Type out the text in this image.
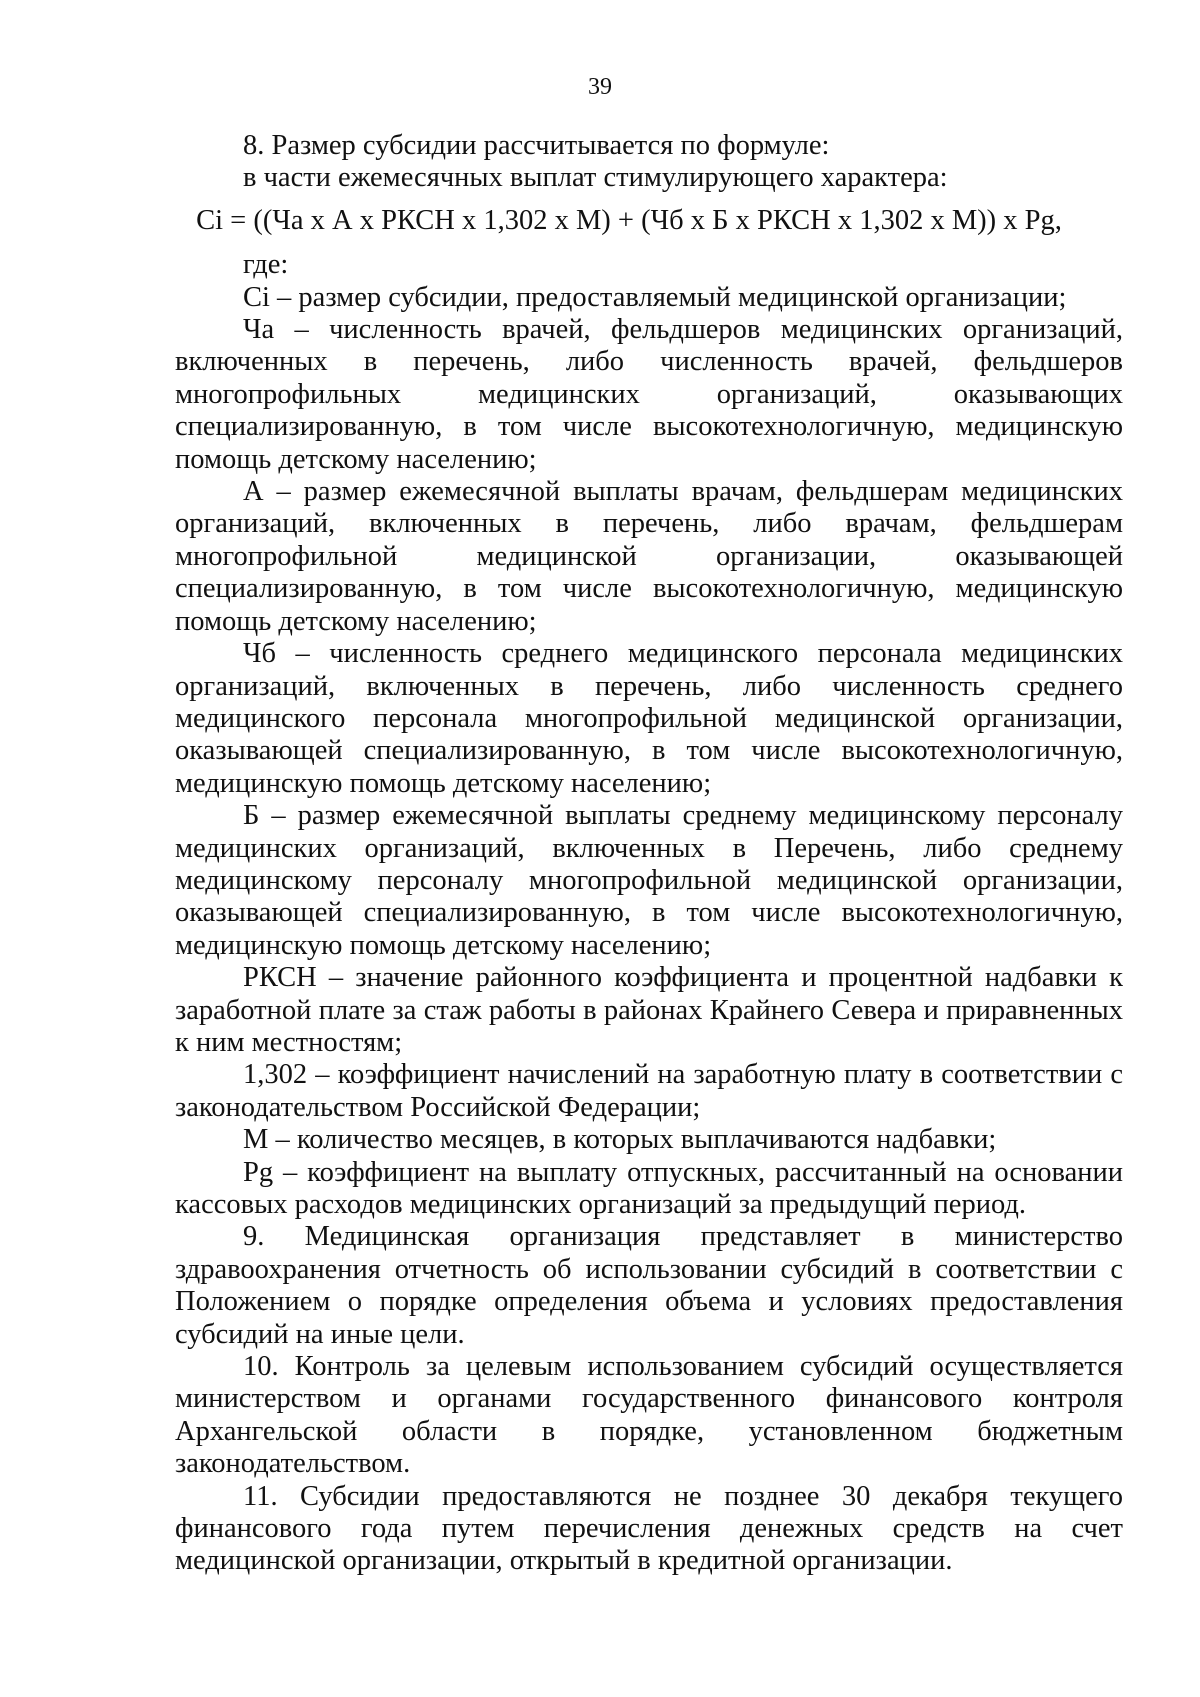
39

8. Размер субсидии рассчитывается по формуле:

в части ежемесячных выплат стимулирующего характера:

Ci = ((Ча x А x РКСН x 1,302 x М) + (Чб x Б x РКСН x 1,302 x М)) x Pg,

где:

Ci – размер субсидии, предоставляемый медицинской организации;

Ча – численность врачей, фельдшеров медицинских организаций, включенных в перечень, либо численность врачей, фельдшеров многопрофильных медицинских организаций, оказывающих специализированную, в том числе высокотехнологичную, медицинскую помощь детскому населению;

А – размер ежемесячной выплаты врачам, фельдшерам медицинских организаций, включенных в перечень, либо врачам, фельдшерам многопрофильной медицинской организации, оказывающей специализированную, в том числе высокотехнологичную, медицинскую помощь детскому населению;

Чб – численность среднего медицинского персонала медицинских организаций, включенных в перечень, либо численность среднего медицинского персонала многопрофильной медицинской организации, оказывающей специализированную, в том числе высокотехнологичную, медицинскую помощь детскому населению;

Б – размер ежемесячной выплаты среднему медицинскому персоналу медицинских организаций, включенных в Перечень, либо среднему медицинскому персоналу многопрофильной медицинской организации, оказывающей специализированную, в том числе высокотехнологичную, медицинскую помощь детскому населению;

РКСН – значение районного коэффициента и процентной надбавки к заработной плате за стаж работы в районах Крайнего Севера и приравненных к ним местностям;

1,302 – коэффициент начислений на заработную плату в соответствии с законодательством Российской Федерации;

М – количество месяцев, в которых выплачиваются надбавки;

Pg – коэффициент на выплату отпускных, рассчитанный на основании кассовых расходов медицинских организаций за предыдущий период.

9. Медицинская организация представляет в министерство здравоохранения отчетность об использовании субсидий в соответствии с Положением о порядке определения объема и условиях предоставления субсидий на иные цели.

10. Контроль за целевым использованием субсидий осуществляется министерством и органами государственного финансового контроля Архангельской области в порядке, установленном бюджетным законодательством.

11. Субсидии предоставляются не позднее 30 декабря текущего финансового года путем перечисления денежных средств на счет медицинской организации, открытый в кредитной организации.
